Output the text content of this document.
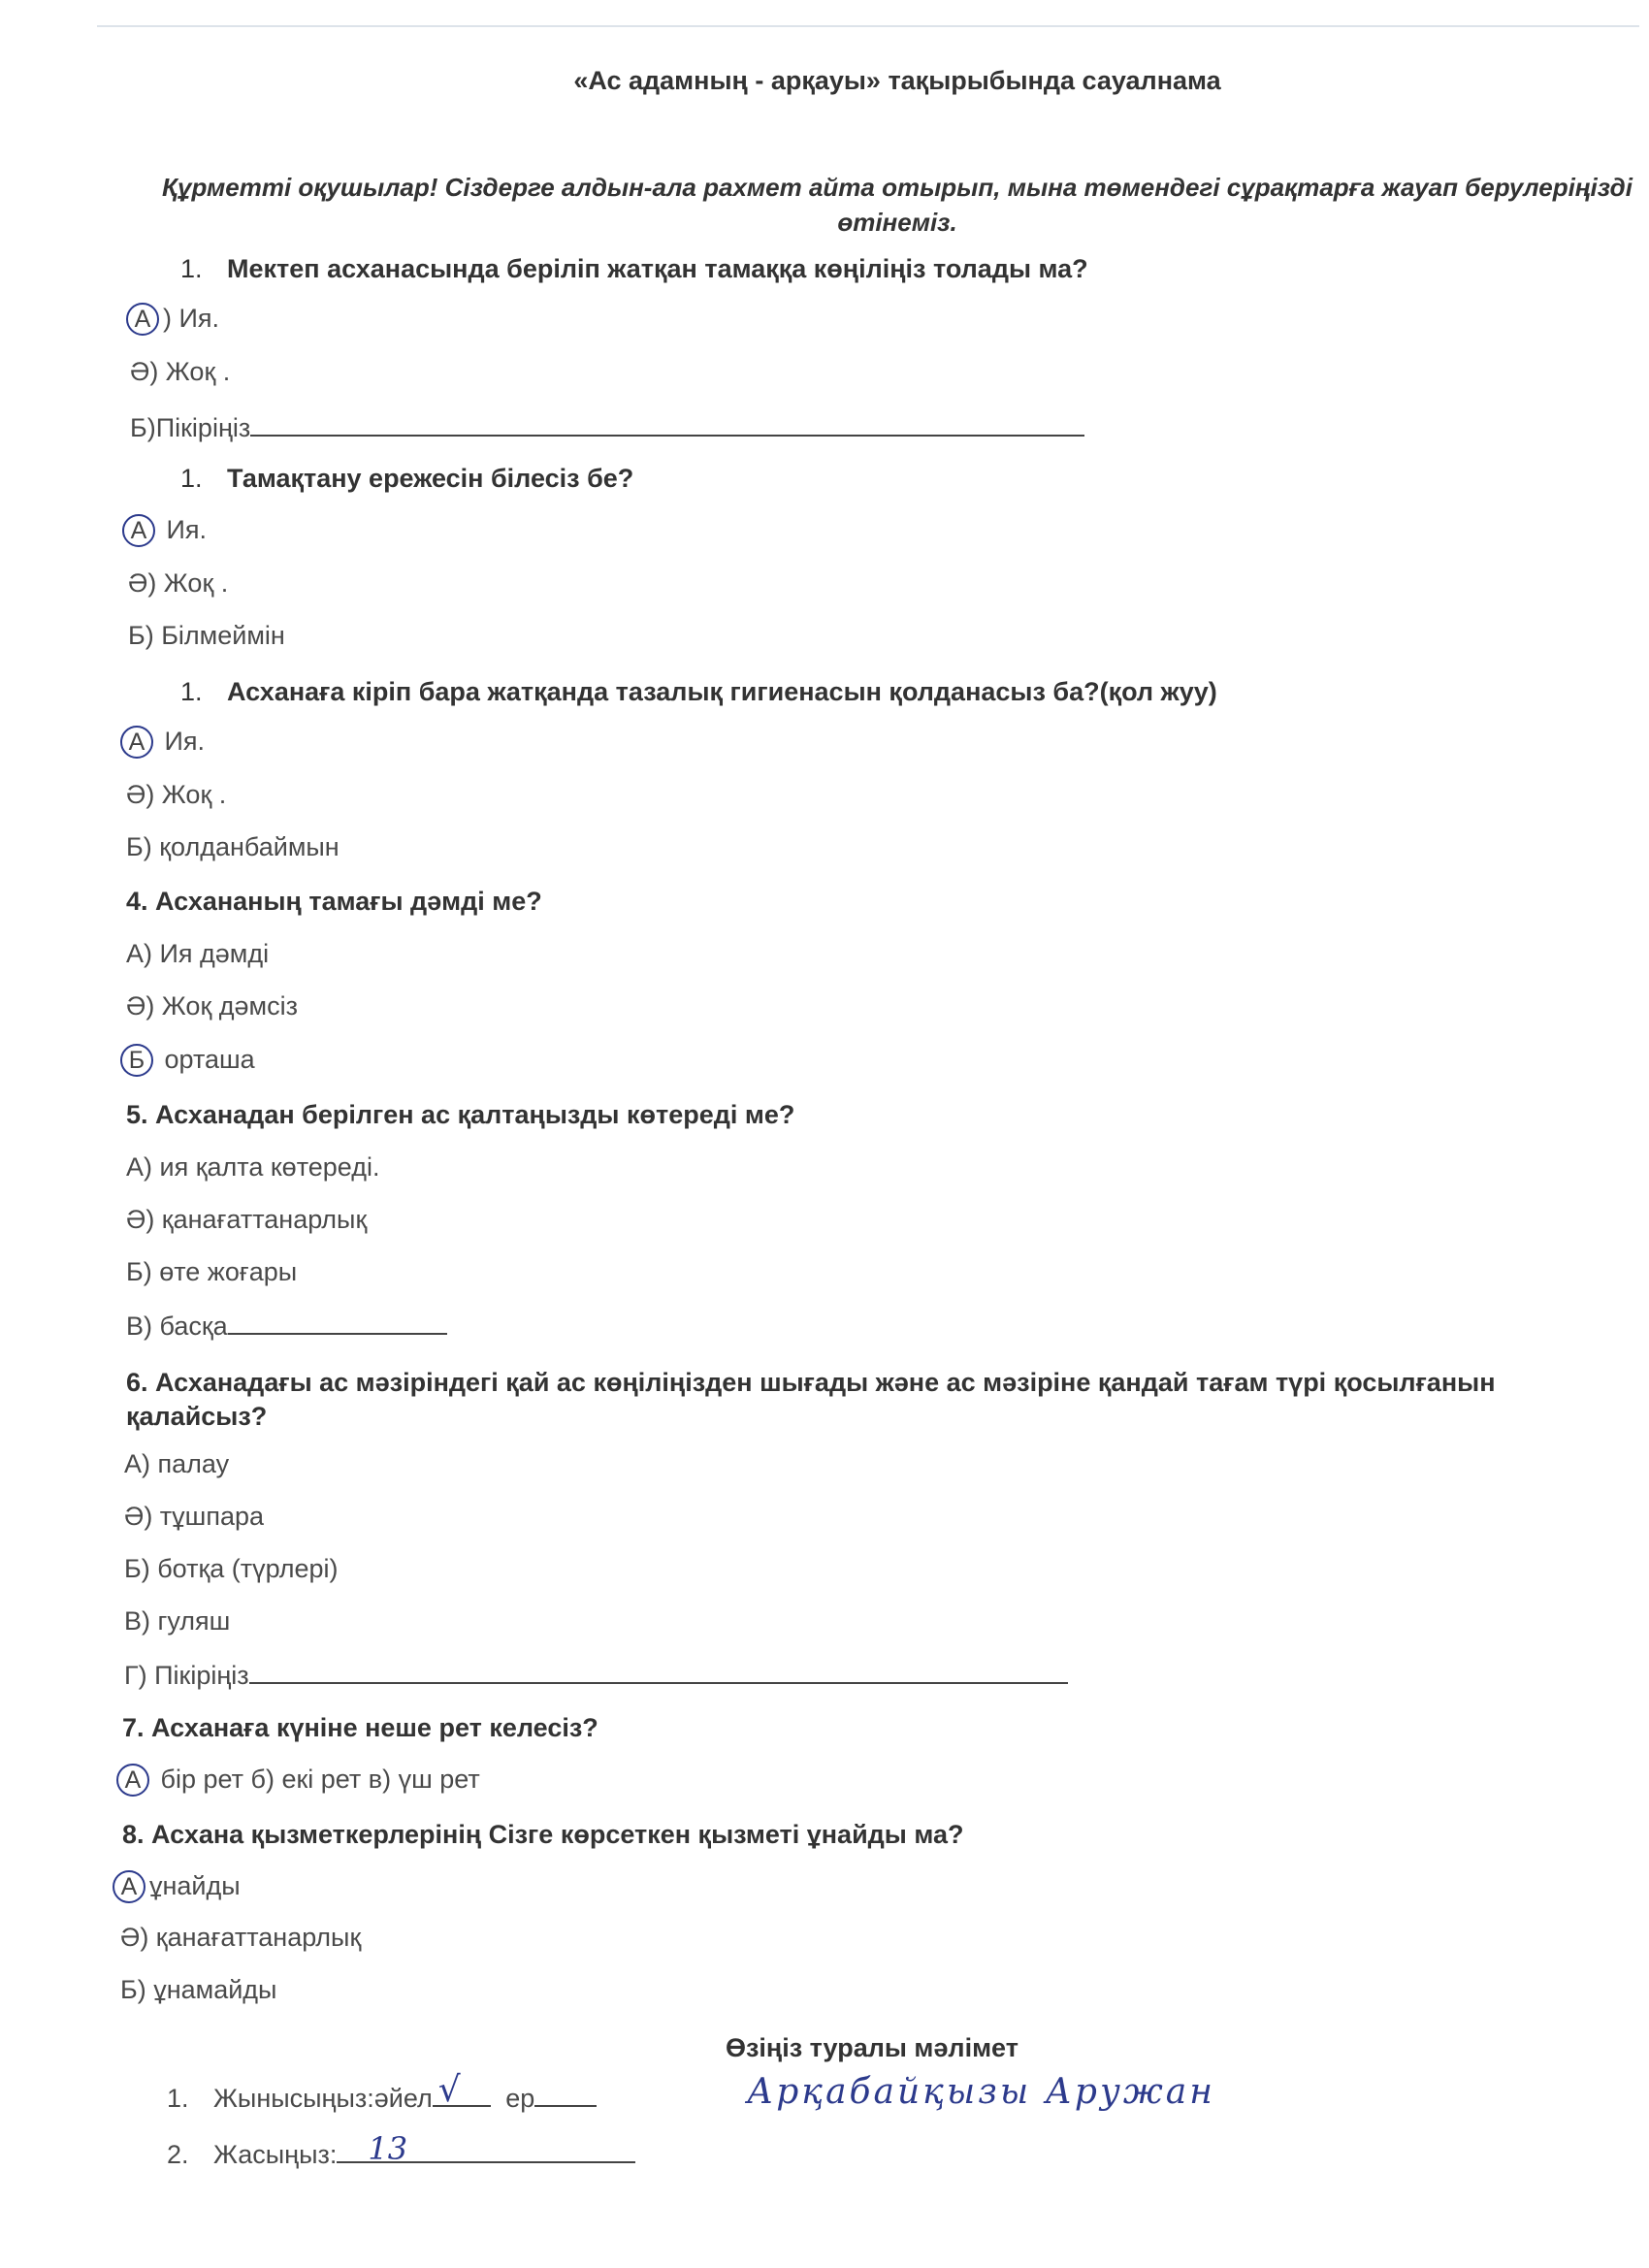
«Ас адамның - арқауы» тақырыбында сауалнама
Құрметті оқушылар! Сіздерге алдын-ала рахмет айта отырып, мына төмендегі сұрақтарға жауап берулеріңізді өтінеміз.
1. Мектеп асханасында беріліп жатқан тамаққа көңіліңіз толады ма?
А ) Ия.
Ә) Жоқ .
Б)Пікіріңіз
1. Тамақтану ережесін білесіз бе?
А Ия.
Ә) Жоқ .
Б) Білмеймін
1. Асханаға кіріп бара жатқанда тазалық гигиенасын қолданасыз ба?(қол жуу)
А Ия.
Ә) Жоқ .
Б) қолданбаймын
4. Асхананың тамағы дәмді ме?
А) Ия дәмді
Ә) Жоқ дәмсіз
Б орташа
5. Асханадан берілген ас қалтаңызды көтереді ме?
А) ия қалта көтереді.
Ә) қанағаттанарлық
Б) өте жоғары
В) басқа
6. Асханадағы ас мәзіріндегі қай ас көңіліңізден шығады және ас мәзіріне қандай тағам түрі қосылғанын
қалайсыз?
А) палау
Ә) тұшпара
Б) ботқа (түрлері)
В) гуляш
Г) Пікіріңіз
7. Асханаға күніне неше рет келесіз?
А бір рет б) екі рет в) үш рет
8. Асхана қызметкерлерінің Сізге көрсеткен қызметі ұнайды ма?
А ұнайды
Ә) қанағаттанарлық
Б) ұнамайды
Өзіңіз туралы мәлімет
Арқабайқызы Аружан
1. Жынысыңыз:әйел √ ер
2. Жасыңыз: 13
